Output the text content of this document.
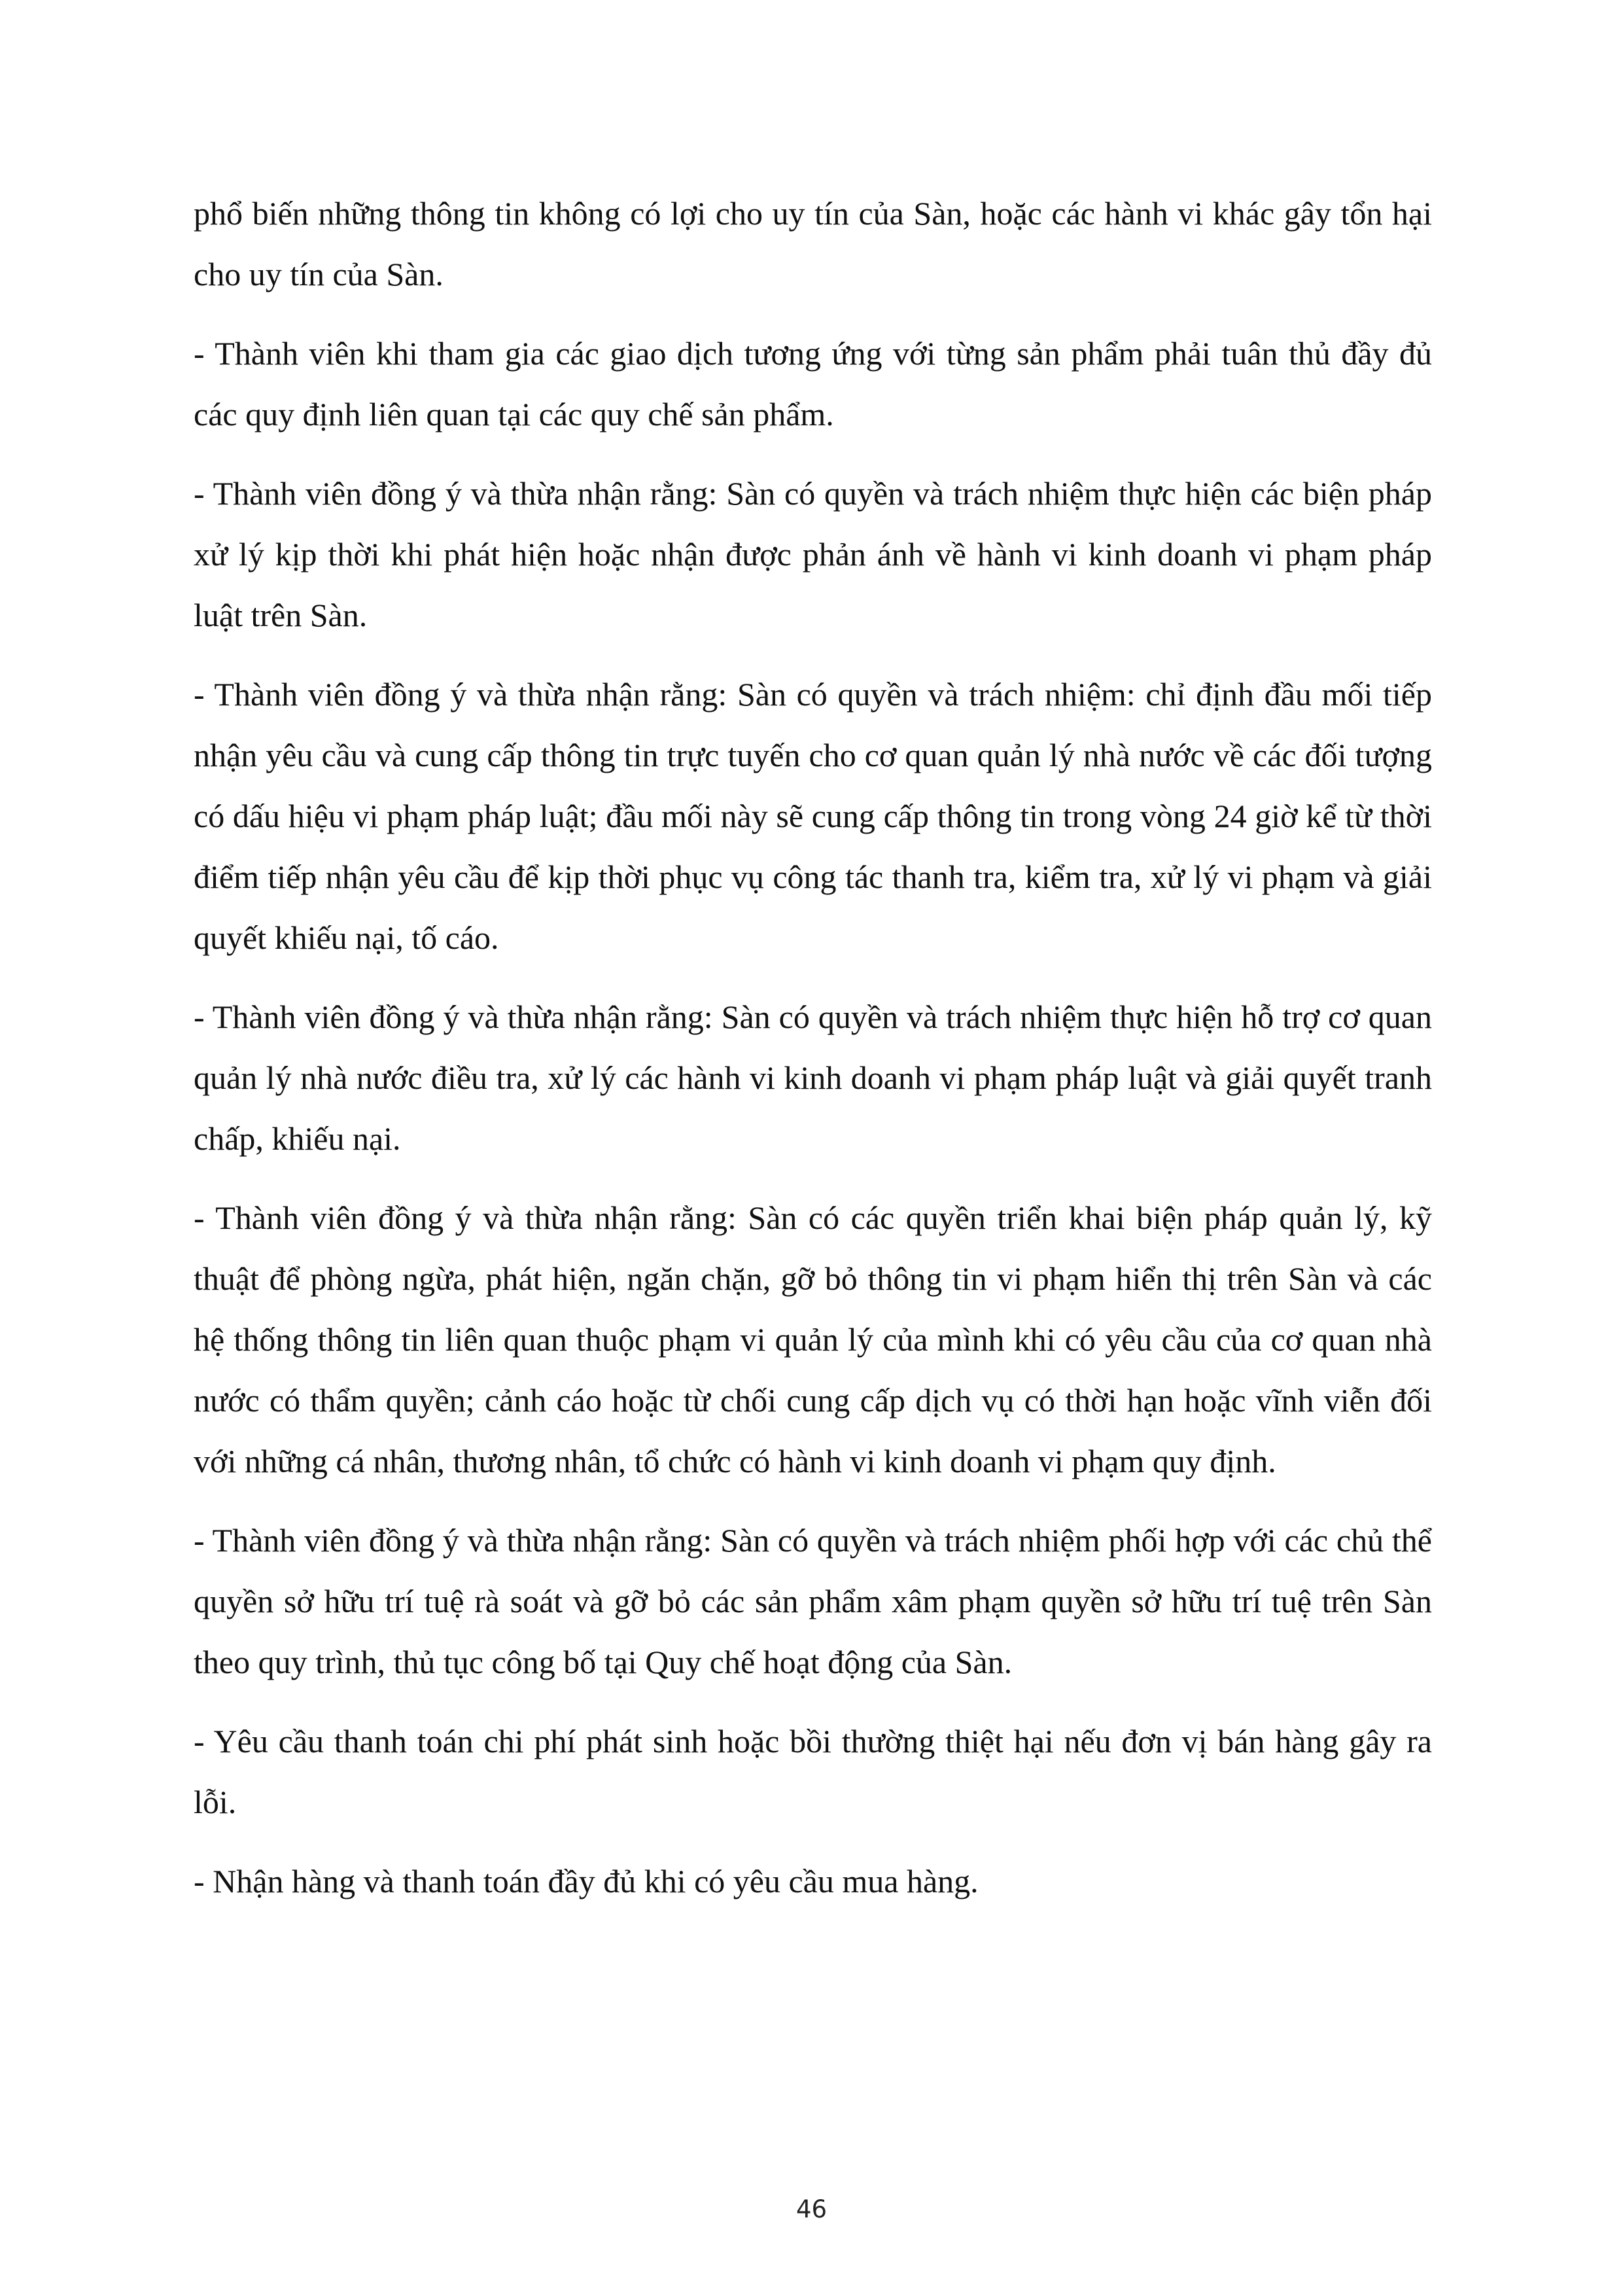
phổ biến những thông tin không có lợi cho uy tín của Sàn, hoặc các hành vi khác gây tổn hại cho uy tín của Sàn.

- Thành viên khi tham gia các giao dịch tương ứng với từng sản phẩm phải tuân thủ đầy đủ các quy định liên quan tại các quy chế sản phẩm.

- Thành viên đồng ý và thừa nhận rằng: Sàn có quyền và trách nhiệm thực hiện các biện pháp xử lý kịp thời khi phát hiện hoặc nhận được phản ánh về hành vi kinh doanh vi phạm pháp luật trên Sàn.

- Thành viên đồng ý và thừa nhận rằng: Sàn có quyền và trách nhiệm: chỉ định đầu mối tiếp nhận yêu cầu và cung cấp thông tin trực tuyến cho cơ quan quản lý nhà nước về các đối tượng có dấu hiệu vi phạm pháp luật; đầu mối này sẽ cung cấp thông tin trong vòng 24 giờ kể từ thời điểm tiếp nhận yêu cầu để kịp thời phục vụ công tác thanh tra, kiểm tra, xử lý vi phạm và giải quyết khiếu nại, tố cáo.

- Thành viên đồng ý và thừa nhận rằng: Sàn có quyền và trách nhiệm thực hiện hỗ trợ cơ quan quản lý nhà nước điều tra, xử lý các hành vi kinh doanh vi phạm pháp luật và giải quyết tranh chấp, khiếu nại.

- Thành viên đồng ý và thừa nhận rằng: Sàn có các quyền triển khai biện pháp quản lý, kỹ thuật để phòng ngừa, phát hiện, ngăn chặn, gỡ bỏ thông tin vi phạm hiển thị trên Sàn và các hệ thống thông tin liên quan thuộc phạm vi quản lý của mình khi có yêu cầu của cơ quan nhà nước có thẩm quyền; cảnh cáo hoặc từ chối cung cấp dịch vụ có thời hạn hoặc vĩnh viễn đối với những cá nhân, thương nhân, tổ chức có hành vi kinh doanh vi phạm quy định.

- Thành viên đồng ý và thừa nhận rằng: Sàn có quyền và trách nhiệm phối hợp với các chủ thể quyền sở hữu trí tuệ rà soát và gỡ bỏ các sản phẩm xâm phạm quyền sở hữu trí tuệ trên Sàn theo quy trình, thủ tục công bố tại Quy chế hoạt động của Sàn.

- Yêu cầu thanh toán chi phí phát sinh hoặc bồi thường thiệt hại nếu đơn vị bán hàng gây ra lỗi.

- Nhận hàng và thanh toán đầy đủ khi có yêu cầu mua hàng.

46
